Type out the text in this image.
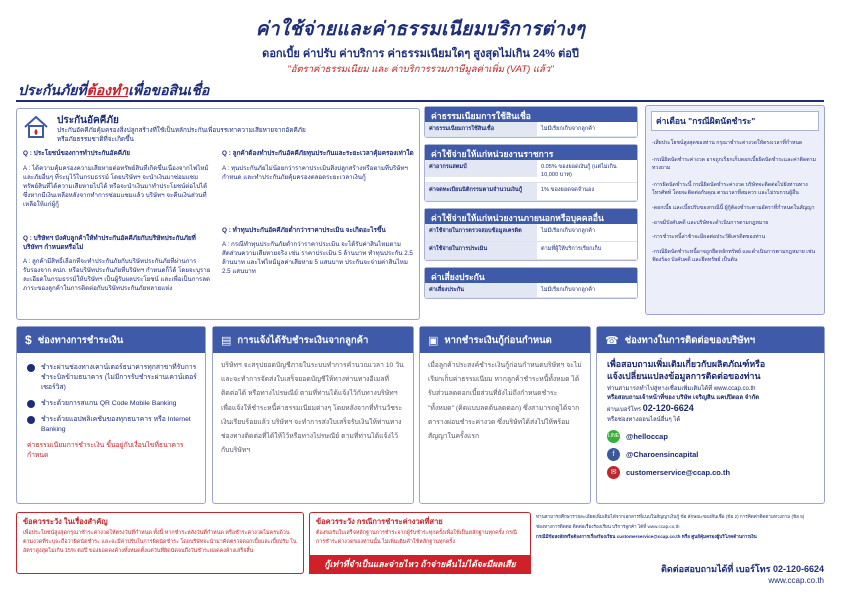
ค่าใช้จ่ายและค่าธรรมเนียมบริการต่างๆ
ดอกเบี้ย ค่าปรับ ค่าบริการ ค่าธรรมเนียมใดๆ สูงสุดไม่เกิน 24% ต่อปี
"อัตราค่าธรรมเนียม และ ค่าบริการรวมภาษีมูลค่าเพิ่ม (VAT) แล้ว"
ประกันภัยที่ต้องทำเพื่อขอสินเชื่อ
ประกันอัคคีภัย
ประกันอัคคีภัยคุ้มครองสิ่งปลูกสร้างที่ใช้เป็นหลักประกันเพื่อบรรเทาความเสียหายจากอัคคีภัยหรือภัยธรรมชาติที่จะเกิดขึ้น
Q : ประโยชน์ของการทำประกันอัคคีภัย
A : ได้ความคุ้มครองความเสียหายต่อทรัพย์สินที่เกิดขึ้นเนื่องจากไฟไหม้และภัยอื่นๆ ที่ระบุไว้ในกรมธรรม์ โดยบริษัทฯ จะนำเงินมาซ่อมแซมทรัพย์สินที่ได้ความเสียหายไปได้ หรือจะนำเงินมาทำประโยชน์ต่อไปได้ ซึ่งหากมีเงินเหลือหลังจากทำการซ่อมแซมแล้ว บริษัทฯ จะคืนเงินส่วนที่เหลือให้แก่ผู้กู้
Q : บริษัทฯ บังคับลูกค้าให้ทำประกันอัคคีภัยกับบริษัทประกันภัยที่บริษัทฯ กำหนดหรือไม่
A : ลูกค้ามีสิทธิ์เลือกที่จะทำประกันภัยกับบริษัทประกันภัยที่ผ่านการรับรองจาก คปภ. หรือบริษัทประกันภัยที่บริษัทฯ กำหนดก็ได้ โดยจะบุรายละเอียดในกรมธรรม์ให้บริษัทฯ เป็นผู้รับผลประโยชน์ และเพื่อเป็นการลดภาระของลูกค้าในการติดต่อกับบริษัทประกันภัยหลายแห่ง
Q : ลูกค้าต้องทำประกันอัคคีภัยทุนประกันและระยะเวลาคุ้มครองเท่าใด
A : ทุนประกันภัยไม่น้อยกว่าราคาประเมินสิ่งปลูกสร้างหรือตามที่บริษัทฯ กำหนด และทำประกันภัยคุ้มครองตลอดระยะเวลาเงินกู้
Q : ทำทุนประกันอัคคีภัยต่ำกว่าราคาประเมิน จะเกิดอะไรขึ้น
A : กรณีทำทุนประกันภัยต่ำกว่าราคาประเมิน จะได้รับค่าสินไหมตามสัดส่วนความเสียหายจริง เช่น ราคาประเมิน 5 ล้านบาท ทำทุนประกัน 2.5 ล้านบาท และไฟไหม้มูลค่าเสียหาย 5 แสนบาท ประกันจะจ่ายค่าสินไหม 2.5 แสนบาท
ค่าธรรมเนียมการใช้สินเชื่อ
ค่าธรรมเนียมการใช้สินเชื่อ	ไม่มีเรียกเก็บจากลูกค้า
ค่าใช้จ่ายให้แก่หน่วยงานราชการ
ค่าอากรแสตมป์	0.05% ของยอดเงินกู้ (แต่ไม่เกิน 10,000 บาท)
ค่าจดทะเบียนนิติกรรมตามจำนวนเงินกู้	1% ของยอดจดจำนอง
ค่าใช้จ่ายให้แก่หน่วยงานภายนอกหรือบุคคลอื่น
ค่าใช้จ่ายในการตรวจสอบข้อมูลเครดิต	ไม่มีเรียกเก็บจากลูกค้า
ค่าใช้จ่ายในการประเมิน	ตามที่ผู้ให้บริการเรียกเก็บ
ค่าเสี่ยงประกัน
ค่าเสี่ยงประกัน	ไม่มีเรียกเก็บจากลูกค้า
ค่าเตือน "กรณีผิดนัดชำระ"
-เสียประโยชน์สูงสุดของท่าน กรุณาชำระค่างวดให้ตรงเวลาที่กำหนด
-กรณีผิดนัดชำระค่างวด อาจถูกเรียกเก็บดอกเบี้ยผิดนัดชำระและค่าติดตามทวงถาม
-การผิดนัดชำระนี้ กรณีผิดนัดชำระค่างวด บริษัทจะติดต่อไปยังท่านทางโทรศัพท์ โดยจะติดต่อกับคุณ ตามเวลาที่สมควร และไม่รบกวนผู้อื่น
-ดอกเบี้ย และเบี้ยปรับของกรณีนี้ ผู้กู้ต้องชำระตามอัตราที่กำหนดในสัญญา
-อาจมีบังคับคดี และบริษัทจะดำเนินการตามกฎหมาย
-การชำระหนี้ล่าช้าจะมีผลต่อประวัติเครดิตของท่าน
-กรณีผิดนัดชำระหนี้อาจถูกยึดหลักทรัพย์ และดำเนินการตามกฎหมาย เช่น ฟ้องร้อง บังคับคดี และยึดทรัพย์ เป็นต้น
$ ช่องทางการชำระเงิน
ชำระผ่านช่องทางเคาน์เตอร์ธนาคารทุกสาขาที่รับการชำระบิลข้ามธนาคาร (ไม่มีการรับชำระผ่านเคาน์เตอร์เซอร์วิส)
ชำระด้วยการสแกน QR Code Mobile Banking
ชำระด้วยแอปพลิเคชันของทุกธนาคาร หรือ Internet Banking
ค่าธรรมเนียมการชำระเงิน ขึ้นอยู่กับเงื่อนไขที่ธนาคารกำหนด
▤ การแจ้งได้รับชำระเงินจากลูกค้า
บริษัทฯ จะสรุปยอดบัญชีภายในระบบทำการคำนวณเวลา 10 วันและจะทำการจัดส่งใบเสร็จยอดบัญชีให้ทางท่านทางอีเมลที่ติดต่อได้ หรือทางไปรษณีย์ ตามที่ท่านได้แจ้งไว้กับทางบริษัทฯ เพื่อแจ้งให้ชำระหนี้ค่าธรรมเนียมต่างๆ โดยหลังจากที่ทำนวัชระเงินเรียบร้อยแล้ว บริษัทฯ จะทำการส่งใบเสร็จรับเงินให้ท่านทางช่องทางติดต่อที่ได้ให้ไว้หรือทางไปรษณีย์ ตามที่ท่านได้แจ้งไว้กับบริษัทฯ
▣ หากชำระเงินกู้ก่อนกำหนด
เมื่อลูกค้าประสงค์ชำระเงินกู้ก่อนกำหนดบริษัทฯ จะไม่เรียกเก็บค่าธรรมเนียม หากลูกค้าชำระหนี้ทั้งหมด ได้รับส่วนลดดอกเบี้ยส่วนที่ยังไม่ถึงกำหนดชำระ "ทั้งหมด" (คิดแบบลดต้นลดดอก) ซึ่งสามารถดูได้จากตารางผ่อนชำระค่างวด ซึ่งบริษัทได้ส่งไปให้พร้อมสัญญาในครั้งแรก
☎ ช่องทางในการติดต่อของบริษัทฯ
เพื่อสอบถามเพิ่มเติมเกี่ยวกับผลิตภัณฑ์หรือ
แจ้งเปลี่ยนแปลงข้อมูลการติดต่อของท่าน
ท่านสามารถทำไปสู่ทางเชื่อมเพิ่มเติมได้ที่ www.ccap.co.th
หรือสอบถามเจ้าหน้าที่ของ บริษัท เจริญสิน แคปปิตอล จำกัด
ผ่านเบอร์โทร 02-120-6624
หรือช่องทางออนไลน์อื่นๆ ได้
LINE @helloccap
f	@Charoensincapital
✉	customerservice@ccap.co.th
ข้อควรระวัง ในเรื่องสำคัญ
เพื่อประโยชน์สูงสุดกรุณาชำระค่างวดให้ตรงวันที่กำหนด ทั้งนี้ หากชำระหลังวันที่กำหนด หรือชำระค่างวดไม่ครบถ้วนตามงวดที่ระบุจะถือว่าผิดนัดชำระ และจะมีค่าปรับในการผิดนัดชำระ โดยบริษัทจะนำมาคิดตรวจดอกเบี้ยและเบี้ยปรับ ในอัตราสูงสุดไม่เกิน 15% ต่อปี ของยอดคงค้างทั้งหมดตั้งแต่วันที่ผิดนัดจนถึงวันชำระยอดคงค้างเสร็จสิ้น
ข้อควรระวัง กรณีการชำระค่างวดที่สาย
ต้องขอรับใบเสร็จหลักฐานการชำระจากผู้รับชำระทุกครั้งเพื่อใช้เป็นหลักฐานทุกครั้ง กรณีการชำระค่างวดของท่านนั้น ไม่เพิ่มเติมคำใช้หลักฐานทุกครั้ง
กู้เท่าที่จำเป็นและจ่ายไหว ถ้าจ่ายคืนไม่ได้จะมีผลเสีย
ท่านสามารถศึกษารายละเอียดเพิ่มเติมได้จากเอกสารที่แนบในสัญญาเงินกู้ ข้อ ลักษณะของสินเชื่อ (ข้อ 2) การคิดค่าติดตามทวงถาม (ข้อ 5)
ช่องทางการติดต่อ ติดต่อเรื่องร้องเรียน บริการลูกค้า ได้ที่ www.ccap.co.th
กรณีมีข้อสงสัยหรือต้องการเรื่องร้องเรียน customerservice@ccap.co.th หรือ ศูนย์คุ้มครองผู้บริโภคด้านการเงิน
ติดต่อสอบถามได้ที่ เบอร์โทร 02-120-6624
www.ccap.co.th
